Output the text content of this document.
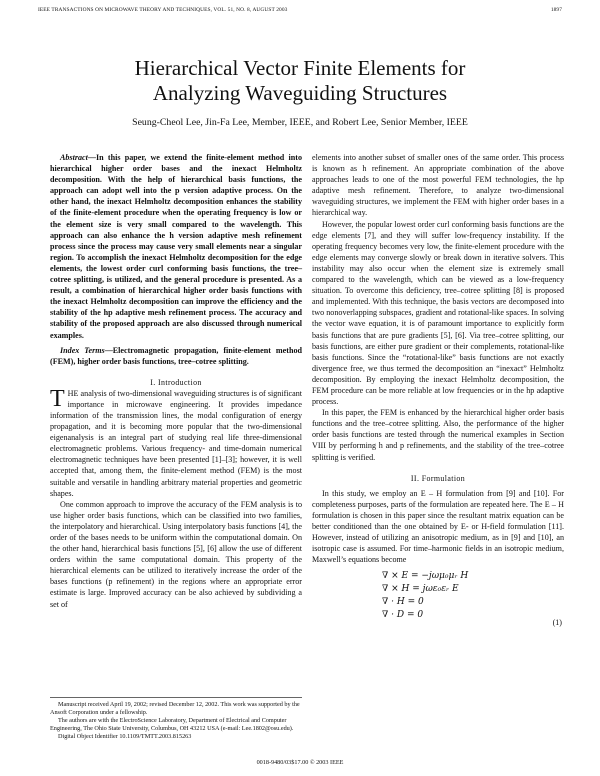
IEEE TRANSACTIONS ON MICROWAVE THEORY AND TECHNIQUES, VOL. 51, NO. 8, AUGUST 2003	1897
Hierarchical Vector Finite Elements for
Analyzing Waveguiding Structures
Seung-Cheol Lee, Jin-Fa Lee, Member, IEEE, and Robert Lee, Senior Member, IEEE

Abstract—In this paper, we extend the finite-element method into hierarchical higher order bases and the inexact Helmholtz decomposition. With the help of hierarchical basis functions, the approach can adopt well into the p version adaptive process. On the other hand, the inexact Helmholtz decomposition enhances the stability of the finite-element procedure when the operating frequency is low or the element size is very small compared to the wavelength. This approach can also enhance the h version adaptive mesh refinement process since the process may cause very small elements near a singular region. To accomplish the inexact Helmholtz decomposition for the edge elements, the lowest order curl conforming basis functions, the tree–cotree splitting, is utilized, and the general procedure is presented. As a result, a combination of hierarchical higher order basis functions with the inexact Helmholtz decomposition can improve the efficiency and the stability of the hp adaptive mesh refinement process. The accuracy and stability of the proposed approach are also discussed through numerical examples.

Index Terms—Electromagnetic propagation, finite-element method (FEM), higher order basis functions, tree–cotree splitting.

I. Introduction

THE analysis of two-dimensional waveguiding structures is of significant importance in microwave engineering. It provides impedance information of the transmission lines, the modal configuration of energy propagation, and it is becoming more popular that the two-dimensional eigenanalysis is an integral part of studying real life three-dimensional electromagnetic problems. Various frequency- and time-domain numerical electromagnetic techniques have been presented [1]–[3]; however, it is well accepted that, among them, the finite-element method (FEM) is the most suitable and versatile in handling arbitrary material properties and geometric shapes.

One common approach to improve the accuracy of the FEM analysis is to use higher order basis functions, which can be classified into two families, the interpolatory and hierarchical. Using interpolatory basis functions [4], the order of the bases needs to be uniform within the computational domain. On the other hand, hierarchical basis functions [5], [6] allow the use of different orders within the same computational domain. This property of the hierarchical elements can be utilized to iteratively increase the order of the bases functions (p refinement) in the regions where an appropriate error estimate is large. Improved accuracy can be also achieved by subdividing a set of

elements into another subset of smaller ones of the same order. This process is known as h refinement. An appropriate combination of the above approaches leads to one of the most powerful FEM technologies, the hp adaptive mesh refinement. Therefore, to analyze two-dimensional waveguiding structures, we implement the FEM with higher order bases in a hierarchical way.

However, the popular lowest order curl conforming basis functions are the edge elements [7], and they will suffer low-frequency instability. If the operating frequency becomes very low, the finite-element procedure with the edge elements may converge slowly or break down in iterative solvers. This instability may also occur when the element size is extremely small compared to the wavelength, which can be viewed as a low-frequency situation. To overcome this deficiency, tree–cotree splitting [8] is proposed and implemented. With this technique, the basis vectors are decomposed into two nonoverlapping subspaces, gradient and rotational-like spaces. In solving the vector wave equation, it is of paramount importance to explicitly form basis functions that are pure gradients [5], [6]. Via tree–cotree splitting, our basis functions, are either pure gradient or their complements, rotational-like basis functions. Since the “rotational-like” basis functions are not exactly divergence free, we thus termed the decomposition an “inexact” Helmholtz decomposition. By employing the inexact Helmholtz decomposition, the FEM procedure can be more reliable at low frequencies or in the hp adaptive process.

In this paper, the FEM is enhanced by the hierarchical higher order basis functions and the tree–cotree splitting. Also, the performance of the higher order basis functions are tested through the numerical examples in Section VIII by performing h and p refinements, and the stability of the tree–cotree splitting is verified.

II. Formulation

In this study, we employ an E – H formulation from [9] and [10]. For completeness purposes, parts of the formulation are repeated here. The E – H formulation is chosen in this paper since the resultant matrix equation can be better conditioned than the one obtained by E- or H-field formulation [11]. However, instead of utilizing an anisotropic medium, as in [9] and [10], an isotropic case is assumed. For time–harmonic fields in an isotropic medium, Maxwell’s equations become

∇ × E = −jωμ₀μᵣ H
∇ × H = jωε₀εᵣ E
∇ · H = 0
∇ · D = 0
(1)

Manuscript received April 19, 2002; revised December 12, 2002. This work was supported by the Ansoft Corporation under a fellowship.

The authors are with the ElectroScience Laboratory, Department of Electrical and Computer Engineering, The Ohio State University, Columbus, OH 43212 USA (e-mail: Lee.1802@osu.edu).

Digital Object Identifier 10.1109/TMTT.2003.815263

0018-9480/03$17.00 © 2003 IEEE
